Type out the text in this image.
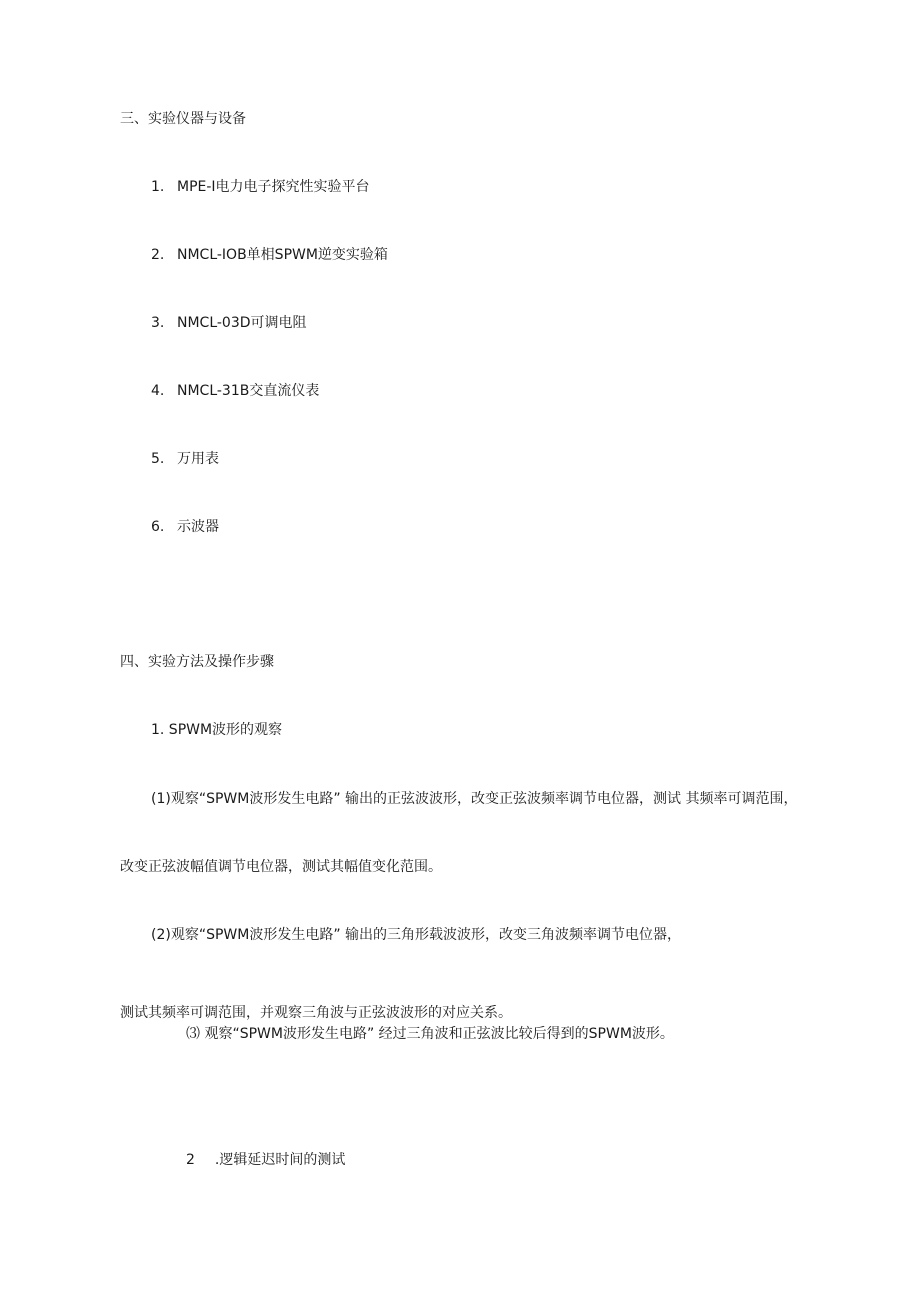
三、实验仪器与设备
1. MPE-I电力电子探究性实验平台
2. NMCL-IOB单相SPWM逆变实验箱
3. NMCL-03D可调电阻
4. NMCL-31B交直流仪表
5. 万用表
6. 示波器
四、实验方法及操作步骤
1. SPWM波形的观察
(1)观察“SPWM波形发生电路” 输出的正弦波波形，改变正弦波频率调节电位器，测试 其频率可调范围，
改变正弦波幅值调节电位器，测试其幅值变化范围。
(2)观察“SPWM波形发生电路” 输出的三角形载波波形，改变三角波频率调节电位器，
测试其频率可调范围，并观察三角波与正弦波波形的对应关系。
⑶ 观察“SPWM波形发生电路” 经过三角波和正弦波比较后得到的SPWM波形。
2 .逻辑延迟时间的测试
